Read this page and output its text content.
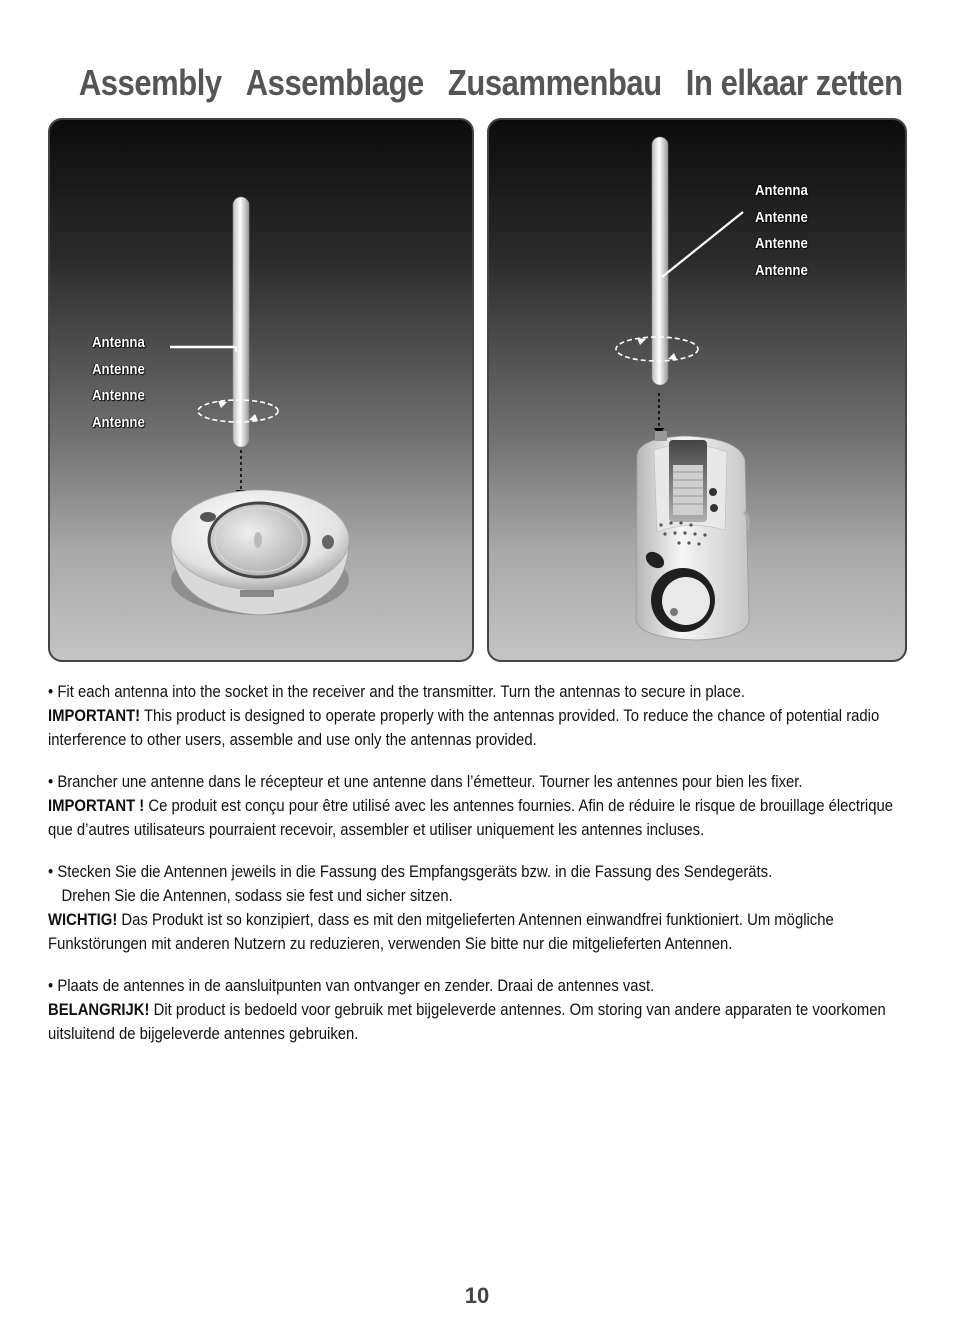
Assembly Assemblage Zusammenbau In elkaar zetten
Antenna
Antenne
Antenne
Antenne
Antenna
Antenne
Antenne
Antenne

• Fit each antenna into the socket in the receiver and the transmitter. Turn the antennas to secure in place.

IMPORTANT! This product is designed to operate properly with the antennas provided. To reduce the chance of potential radio interference to other users, assemble and use only the antennas provided.

• Brancher une antenne dans le récepteur et une antenne dans l’émetteur. Tourner les antennes pour bien les fixer.

IMPORTANT ! Ce produit est conçu pour être utilisé avec les antennes fournies. Afin de réduire le risque de brouillage électrique que d’autres utilisateurs pourraient recevoir, assembler et utiliser uniquement les antennes incluses.

• Stecken Sie die Antennen jeweils in die Fassung des Empfangsgeräts bzw. in die Fassung des Sendegeräts.

Drehen Sie die Antennen, sodass sie fest und sicher sitzen.

WICHTIG! Das Produkt ist so konzipiert, dass es mit den mitgelieferten Antennen einwandfrei funktioniert. Um mögliche Funkstörungen mit anderen Nutzern zu reduzieren, verwenden Sie bitte nur die mitgelieferten Antennen.

• Plaats de antennes in de aansluitpunten van ontvanger en zender. Draai de antennes vast.

BELANGRIJK! Dit product is bedoeld voor gebruik met bijgeleverde antennes. Om storing van andere apparaten te voorkomen uitsluitend de bijgeleverde antennes gebruiken.

10
